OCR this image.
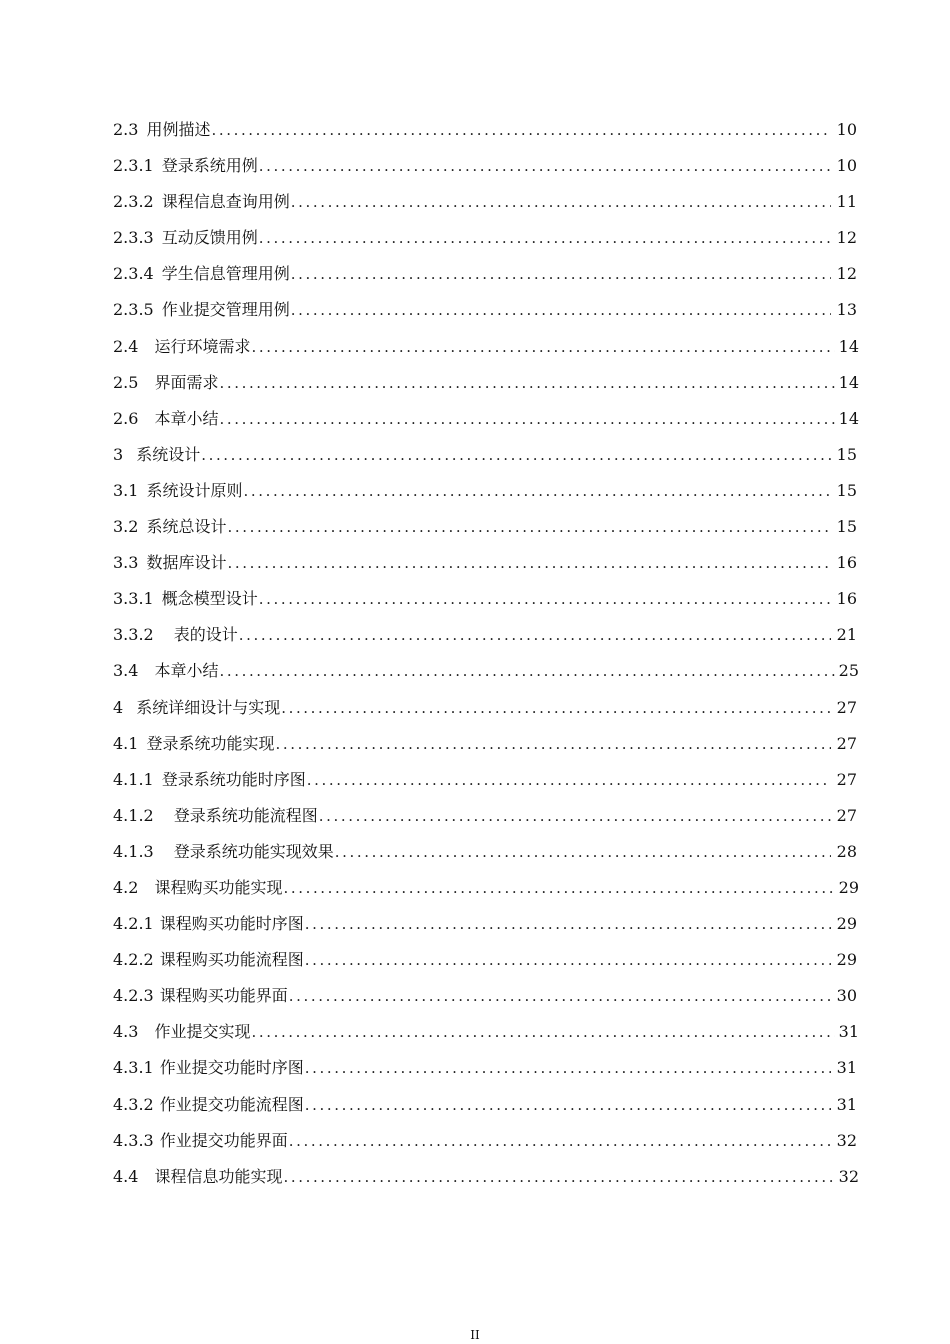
2.3 用例描述 .....	10
2.3.1 登录系统用例 .....	10
2.3.2 课程信息查询用例 .....	11
2.3.3 互动反馈用例 .....	12
2.3.4 学生信息管理用例 .....	12
2.3.5 作业提交管理用例 .....	13
2.4 运行环境需求 .....	14
2.5 界面需求 .....	14
2.6 本章小结 .....	14
3 系统设计 .....	15
3.1 系统设计原则 .....	15
3.2 系统总设计 .....	15
3.3 数据库设计 .....	16
3.3.1 概念模型设计 .....	16
3.3.2 表的设计 .....	21
3.4 本章小结 .....	25
4 系统详细设计与实现 .....	27
4.1 登录系统功能实现 .....	27
4.1.1 登录系统功能时序图 .....	27
4.1.2 登录系统功能流程图 .....	27
4.1.3 登录系统功能实现效果 .....	28
4.2 课程购买功能实现 .....	29
4.2.1 课程购买功能时序图 .....	29
4.2.2 课程购买功能流程图 .....	29
4.2.3 课程购买功能界面 .....	30
4.3 作业提交实现 .....	31
4.3.1 作业提交功能时序图 .....	31
4.3.2 作业提交功能流程图 .....	31
4.3.3 作业提交功能界面 .....	32
4.4 课程信息功能实现 .....	32
II
